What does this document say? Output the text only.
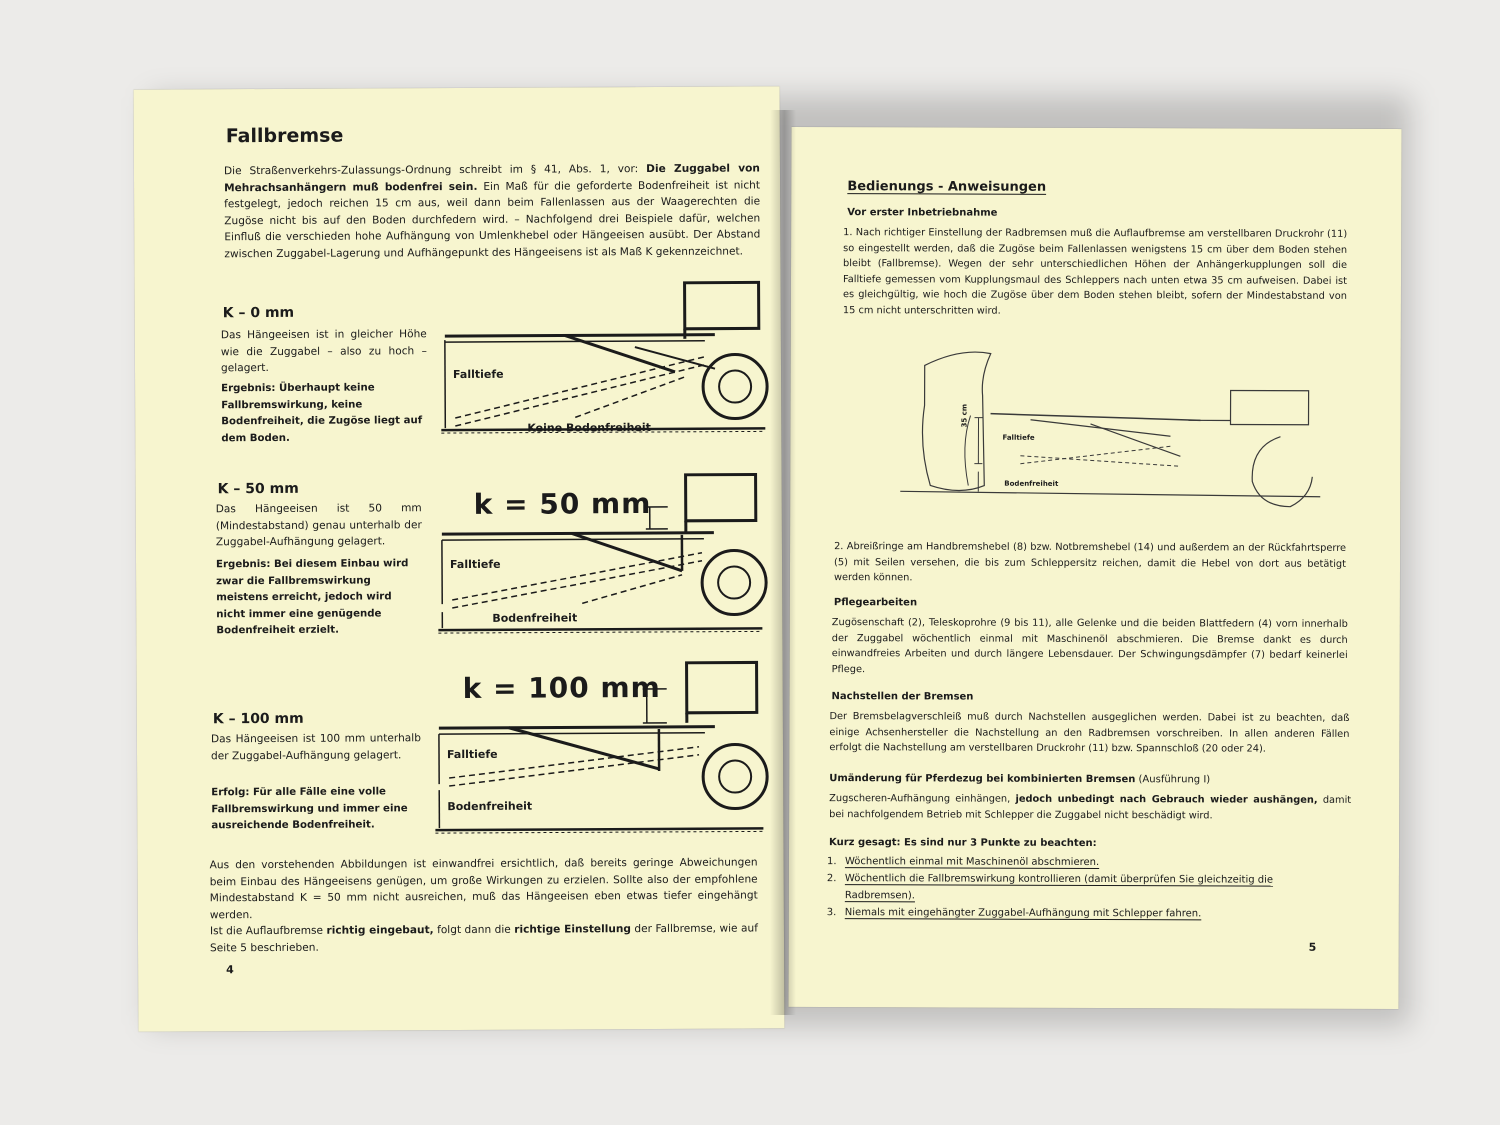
Fallbremse

Die Straßenverkehrs-Zulassungs-Ordnung schreibt im § 41, Abs. 1, vor: Die Zuggabel von Mehrachsanhängern muß bodenfrei sein. Ein Maß für die geforderte Bodenfreiheit ist nicht festgelegt, jedoch reichen 15 cm aus, weil dann beim Fallenlassen aus der Waagerechten die Zugöse nicht bis auf den Boden durchfedern wird. – Nachfolgend drei Beispiele dafür, welchen Einfluß die verschieden hohe Aufhängung von Umlenkhebel oder Hängeeisen ausübt. Der Abstand zwischen Zuggabel-Lagerung und Aufhängepunkt des Hängeeisens ist als Maß K gekennzeichnet.

K – 0 mm
Das Hängeeisen ist in gleicher Höhe wie die Zuggabel – also zu hoch – gelagert.
Ergebnis: Überhaupt keine Fallbremswirkung, keine Bodenfreiheit, die Zugöse liegt auf dem Boden.
Falltiefe
Keine Bodenfreiheit
K – 50 mm
Das Hängeeisen ist 50 mm (Mindestabstand) genau unterhalb der Zuggabel-Aufhängung gelagert.
Ergebnis: Bei diesem Einbau wird zwar die Fallbremswirkung meistens erreicht, jedoch wird nicht immer eine genügende Bodenfreiheit erzielt.
k = 50 mm
Falltiefe
Bodenfreiheit
K – 100 mm
Das Hängeeisen ist 100 mm unterhalb der Zuggabel-Aufhängung gelagert.
Erfolg: Für alle Fälle eine volle Fallbremswirkung und immer eine ausreichende Bodenfreiheit.
k = 100 mm
Falltiefe
Bodenfreiheit

Aus den vorstehenden Abbildungen ist einwandfrei ersichtlich, daß bereits geringe Abweichungen beim Einbau des Hängeeisens genügen, um große Wirkungen zu erzielen. Sollte also der empfohlene Mindestabstand K = 50 mm nicht ausreichen, muß das Hängeeisen eben etwas tiefer eingehängt werden.
Ist die Auflaufbremse richtig eingebaut, folgt dann die richtige Einstellung der Fallbremse, wie auf Seite 5 beschrieben.

4
Bedienungs - Anweisungen
Vor erster Inbetriebnahme

1. Nach richtiger Einstellung der Radbremsen muß die Auflaufbremse am verstellbaren Druckrohr (11) so eingestellt werden, daß die Zugöse beim Fallenlassen wenigstens 15 cm über dem Boden stehen bleibt (Fallbremse). Wegen der sehr unterschiedlichen Höhen der Anhängerkupplungen soll die Falltiefe gemessen vom Kupplungsmaul des Schleppers nach unten etwa 35 cm aufweisen. Dabei ist es gleichgültig, wie hoch die Zugöse über dem Boden stehen bleibt, sofern der Mindestabstand von 15 cm nicht unterschritten wird.

35 cm
Falltiefe
Bodenfreiheit

2. Abreißringe am Handbremshebel (8) bzw. Notbremshebel (14) und außerdem an der Rückfahrtsperre (5) mit Seilen versehen, die bis zum Schleppersitz reichen, damit die Hebel von dort aus betätigt werden können.

Pflegearbeiten

Zugösenschaft (2), Teleskoprohre (9 bis 11), alle Gelenke und die beiden Blattfedern (4) vorn innerhalb der Zuggabel wöchentlich einmal mit Maschinenöl abschmieren. Die Bremse dankt es durch einwandfreies Arbeiten und durch längere Lebensdauer. Der Schwingungsdämpfer (7) bedarf keinerlei Pflege.

Nachstellen der Bremsen

Der Bremsbelagverschleiß muß durch Nachstellen ausgeglichen werden. Dabei ist zu beachten, daß einige Achsenhersteller die Nachstellung an den Radbremsen vorschreiben. In allen anderen Fällen erfolgt die Nachstellung am verstellbaren Druckrohr (11) bzw. Spannschloß (20 oder 24).

Umänderung für Pferdezug bei kombinierten Bremsen (Ausführung I)

Zugscheren-Aufhängung einhängen, jedoch unbedingt nach Gebrauch wieder aushängen, damit bei nachfolgendem Betrieb mit Schlepper die Zuggabel nicht beschädigt wird.

Kurz gesagt: Es sind nur 3 Punkte zu beachten:
1. Wöchentlich einmal mit Maschinenöl abschmieren.
2. Wöchentlich die Fallbremswirkung kontrollieren (damit überprüfen Sie gleichzeitig die Radbremsen).
3. Niemals mit eingehängter Zuggabel-Aufhängung mit Schlepper fahren.
5
